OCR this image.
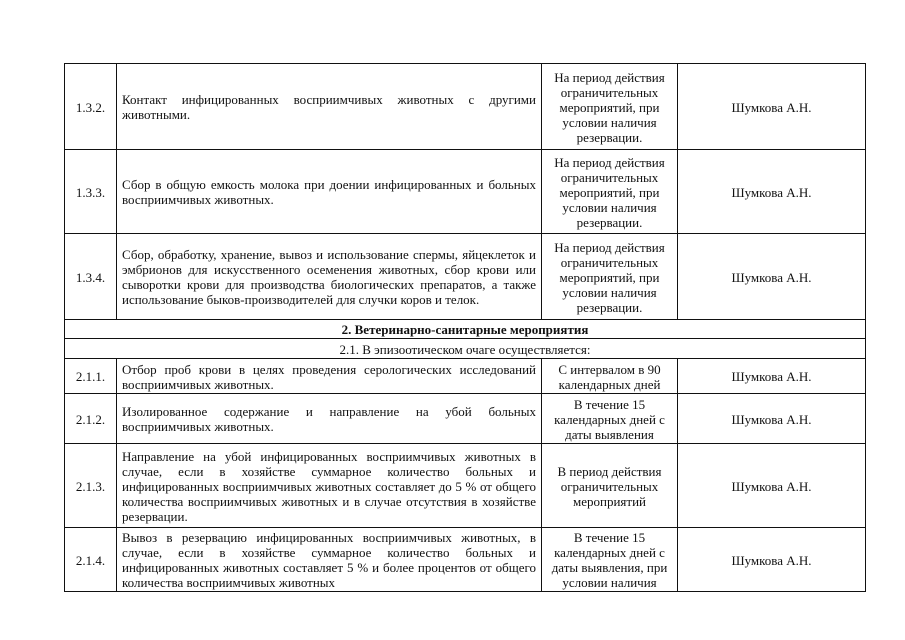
1.3.2.	Контакт инфицированных восприимчивых животных с другими животными.	На период действия ограничительных мероприятий, при условии наличия резервации.	Шумкова А.Н.
1.3.3.	Сбор в общую емкость молока при доении инфицированных и больных восприимчивых животных.	На период действия ограничительных мероприятий, при условии наличия резервации.	Шумкова А.Н.
1.3.4.	Сбор, обработку, хранение, вывоз и использование спермы, яйцеклеток и эмбрионов для искусственного осеменения животных, сбор крови или сыворотки крови для производства биологических препаратов, а также использование быков-производителей для случки коров и телок.	На период действия ограничительных мероприятий, при условии наличия резервации.	Шумкова А.Н.
2. Ветеринарно-санитарные мероприятия			
2.1. В эпизоотическом очаге осуществляется:			
2.1.1.	Отбор проб крови в целях проведения серологических исследований восприимчивых животных.	С интервалом в 90 календарных дней	Шумкова А.Н.
2.1.2.	Изолированное содержание и направление на убой больных восприимчивых животных.	В течение 15 календарных дней с даты выявления	Шумкова А.Н.
2.1.3.	Направление на убой инфицированных восприимчивых животных в случае, если в хозяйстве суммарное количество больных и инфицированных восприимчивых животных составляет до 5 % от общего количества восприимчивых животных и в случае отсутствия в хозяйстве резервации.	В период действия ограничительных мероприятий	Шумкова А.Н.
2.1.4.	Вывоз в резервацию инфицированных восприимчивых животных, в случае, если в хозяйстве суммарное количество больных и инфицированных животных составляет 5 % и более процентов от общего количества восприимчивых животных	В течение 15 календарных дней с даты выявления, при условии наличия	Шумкова А.Н.
